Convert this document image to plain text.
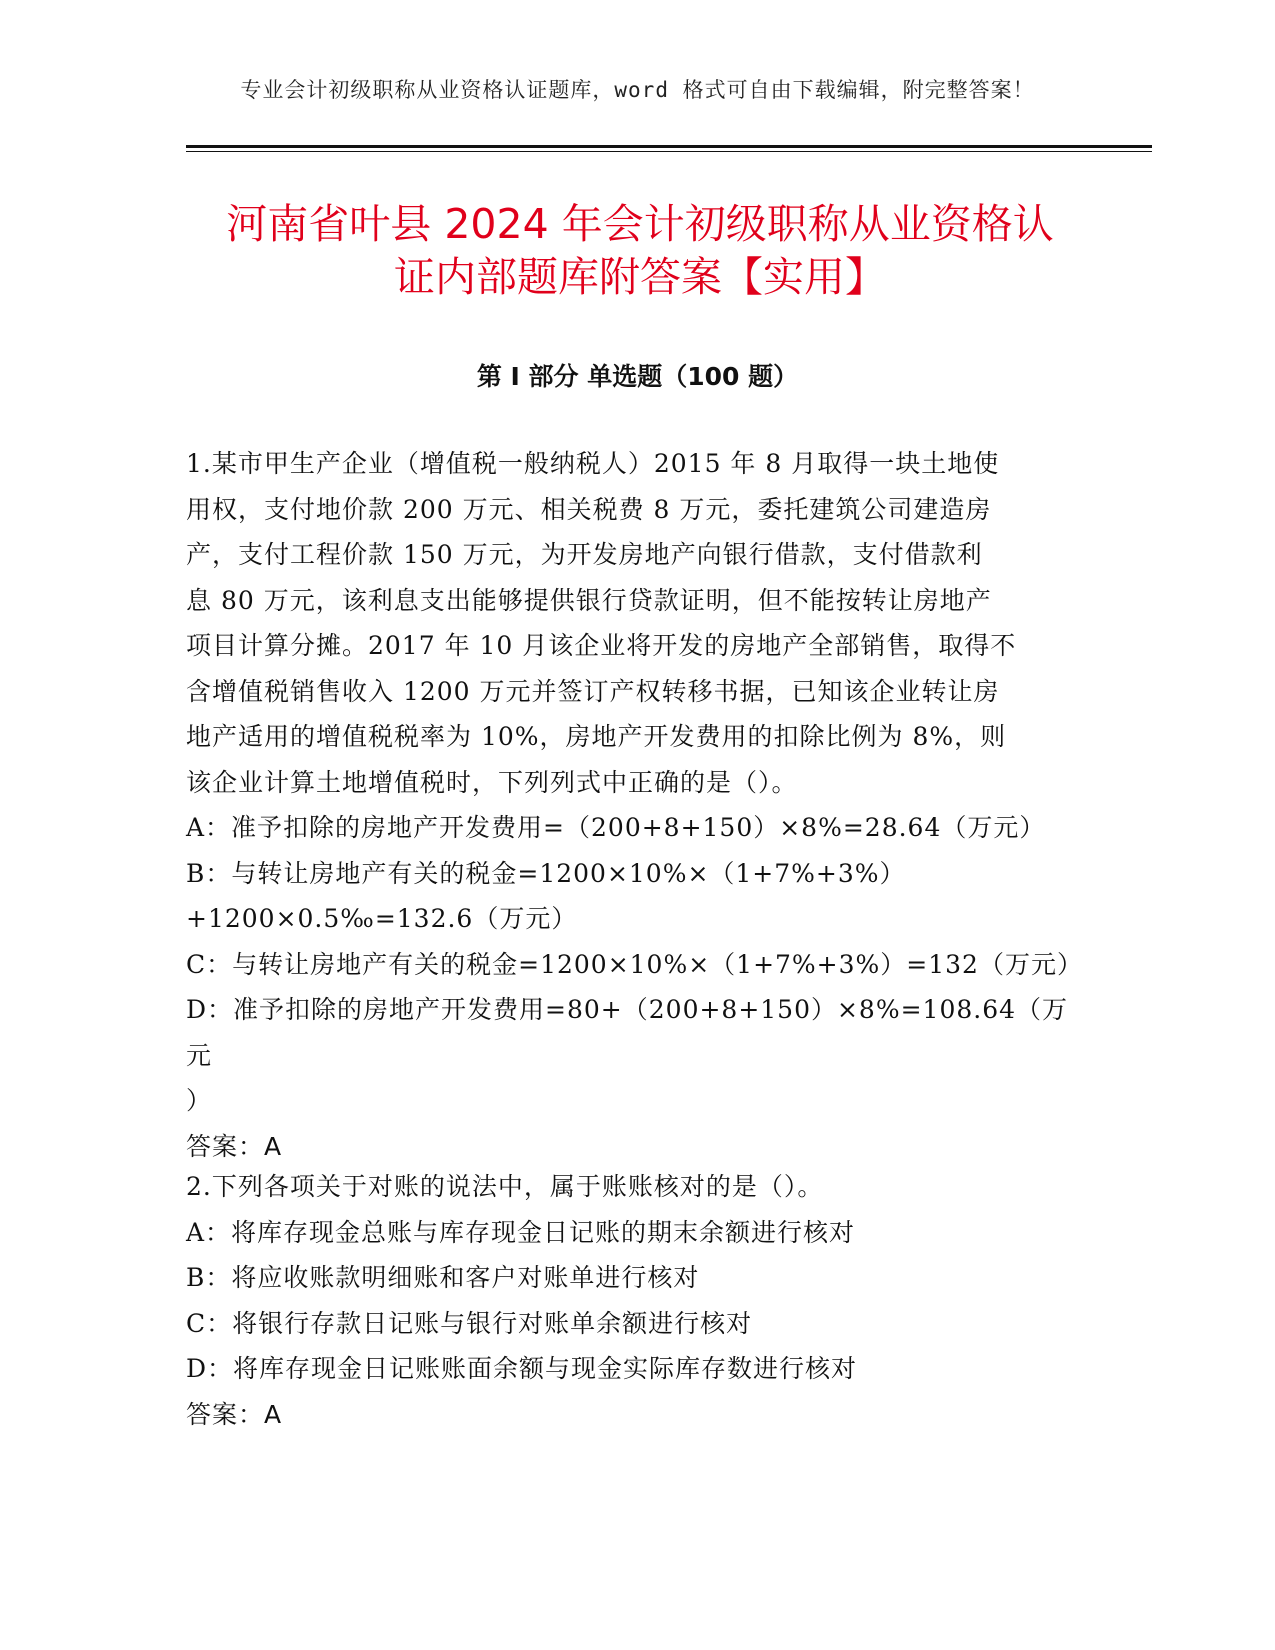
专业会计初级职称从业资格认证题库，word 格式可自由下载编辑，附完整答案！
河南省叶县 2024 年会计初级职称从业资格认
证内部题库附答案【实用】
第 I 部分 单选题（100 题）

1.某市甲生产企业（增值税一般纳税人）2015 年 8 月取得一块土地使

用权，支付地价款 200 万元、相关税费 8 万元，委托建筑公司建造房

产，支付工程价款 150 万元，为开发房地产向银行借款，支付借款利

息 80 万元，该利息支出能够提供银行贷款证明，但不能按转让房地产

项目计算分摊。2017 年 10 月该企业将开发的房地产全部销售，取得不

含增值税销售收入 1200 万元并签订产权转移书据，已知该企业转让房

地产适用的增值税税率为 10%，房地产开发费用的扣除比例为 8%，则

该企业计算土地增值税时，下列列式中正确的是（）。

A：准予扣除的房地产开发费用=（200+8+150）×8%=28.64（万元）

B：与转让房地产有关的税金=1200×10%×（1+7%+3%）

+1200×0.5‰=132.6（万元）

C：与转让房地产有关的税金=1200×10%×（1+7%+3%）=132（万元）

D：准予扣除的房地产开发费用=80+（200+8+150）×8%=108.64（万元

）

答案：A

2.下列各项关于对账的说法中，属于账账核对的是（）。

A：将库存现金总账与库存现金日记账的期末余额进行核对

B：将应收账款明细账和客户对账单进行核对

C：将银行存款日记账与银行对账单余额进行核对

D：将库存现金日记账账面余额与现金实际库存数进行核对

答案：A
